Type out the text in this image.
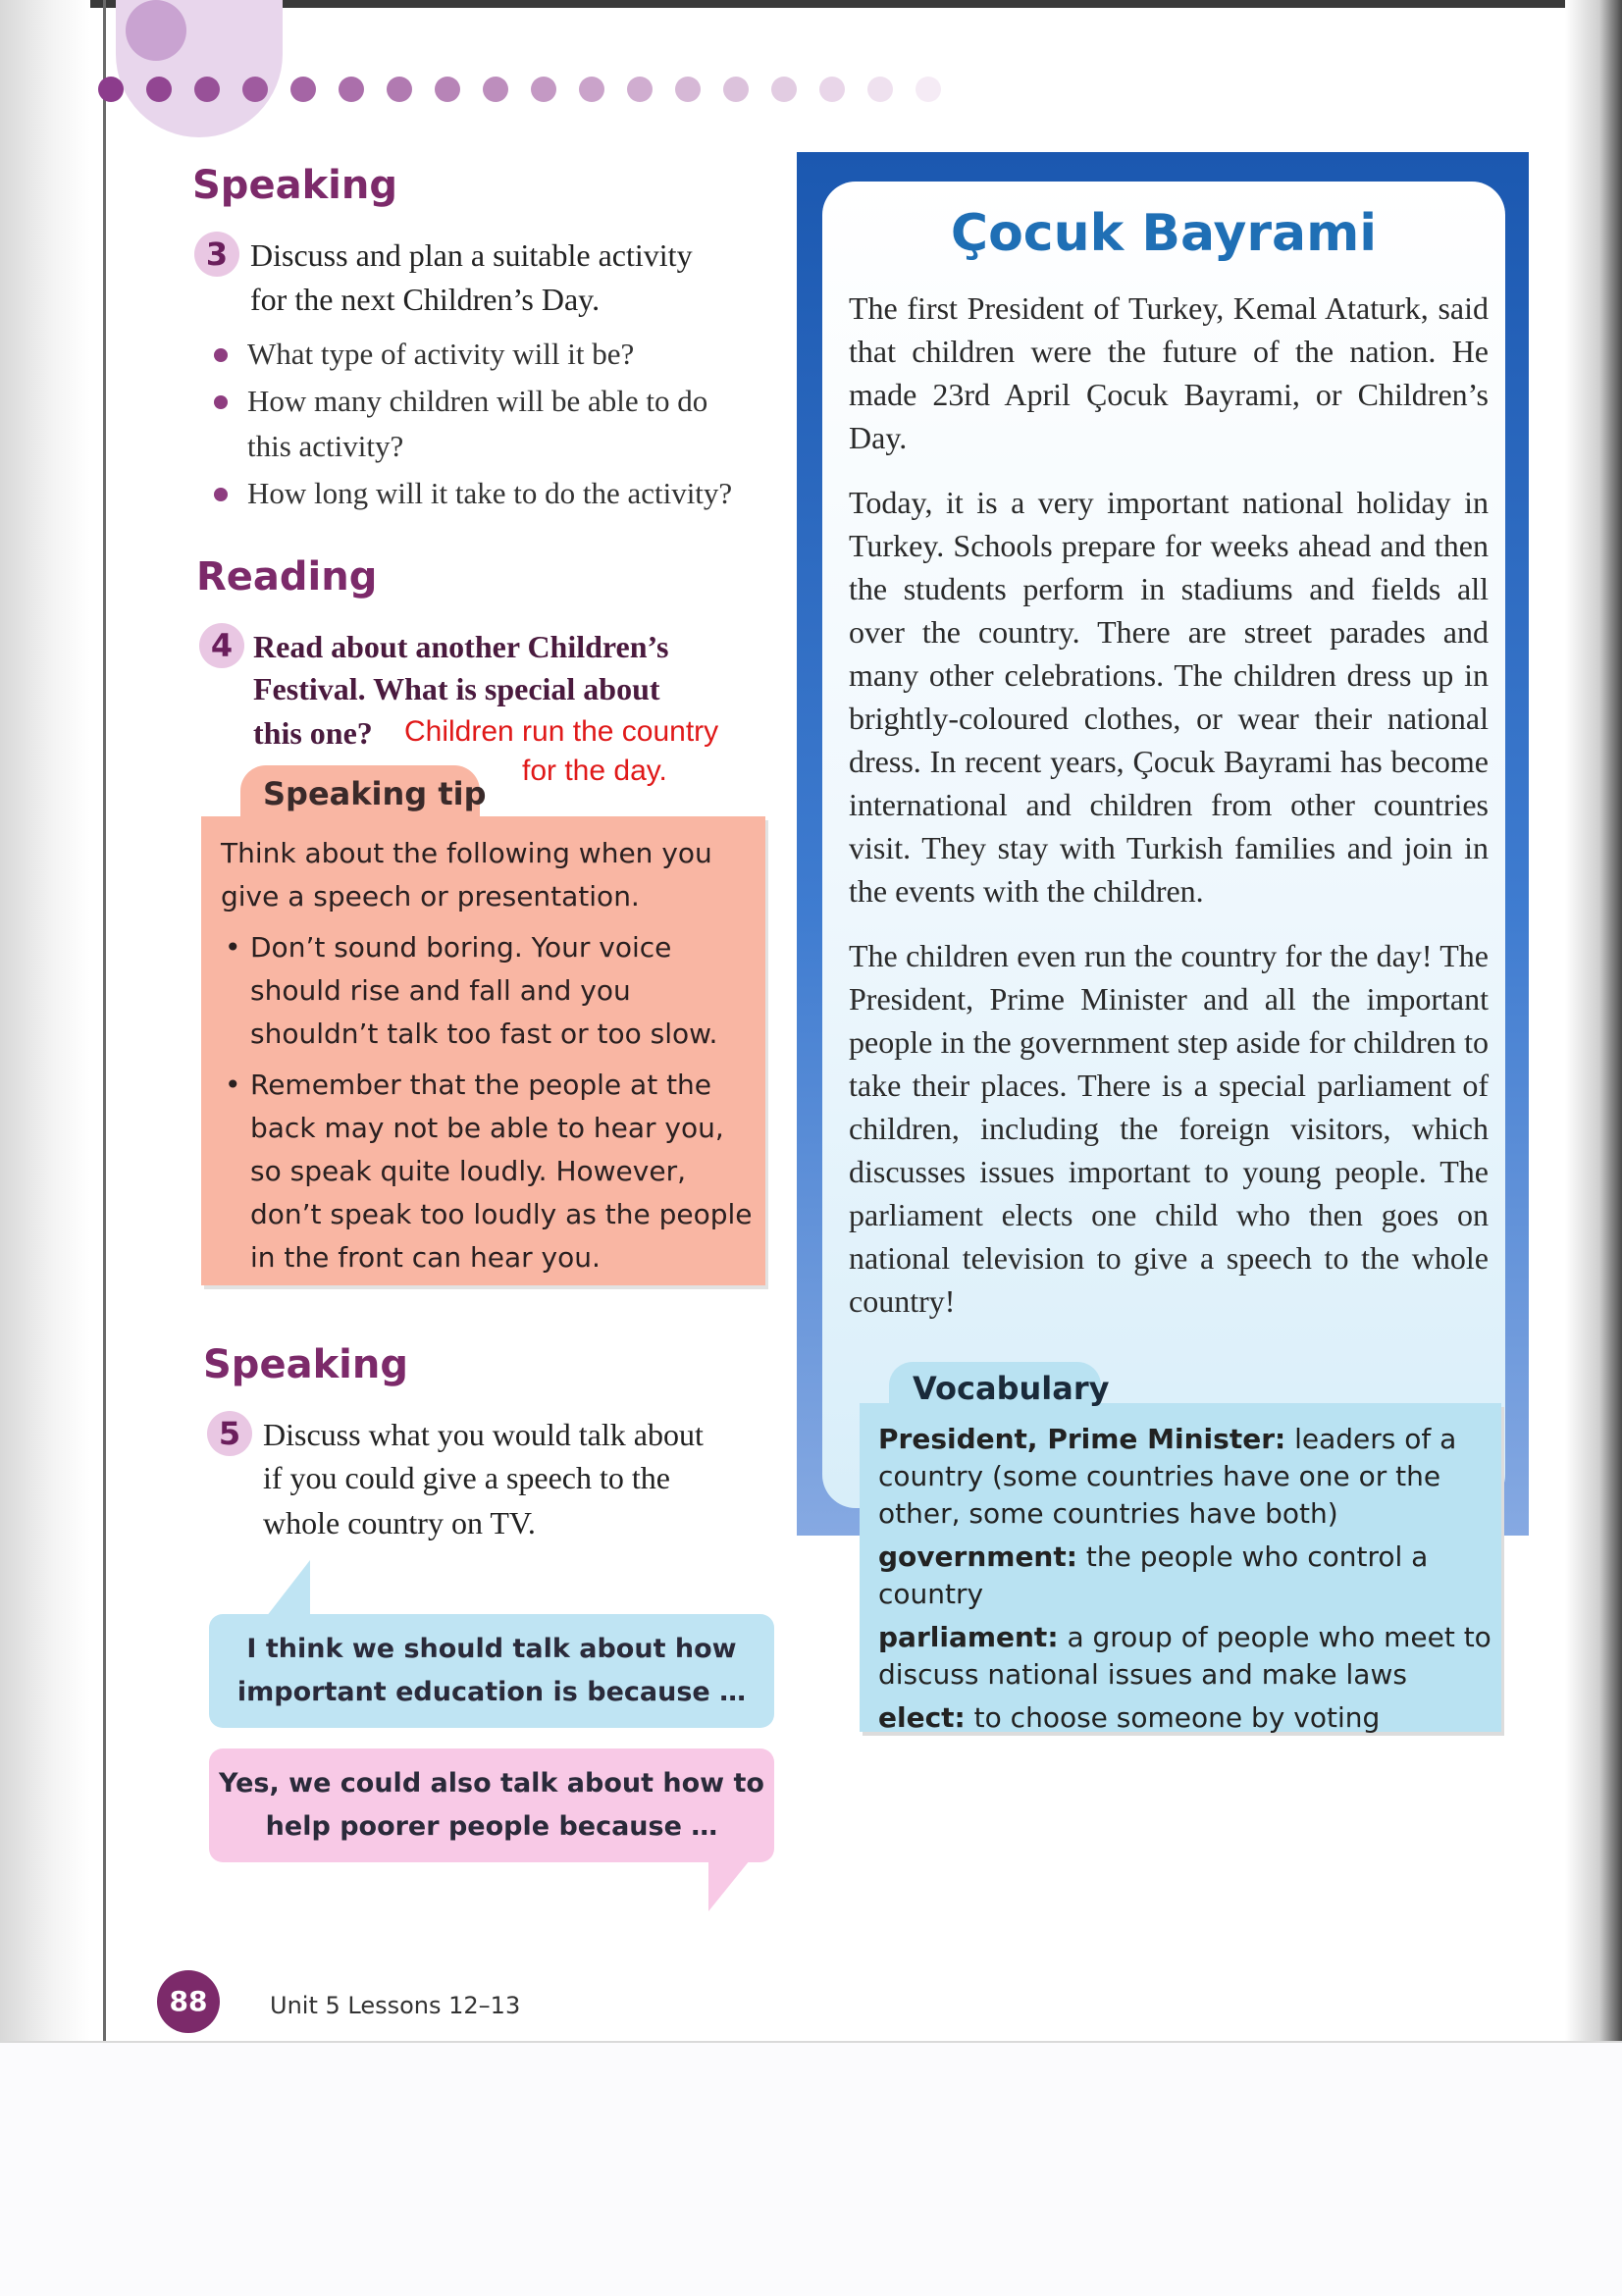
Speaking
3 Discuss and plan a suitable activity
for the next Children’s Day.
What type of activity will it be?
How many children will be able to do
this activity?
How long will it take to do the activity?
Reading
4 Read about another Children’s
Festival. What is special about
this one? Children run the country
for the day.
Speaking tip

Think about the following when you give a speech or presentation.

• Don’t sound boring. Your voice should rise and fall and you shouldn’t talk too fast or too slow.
• Remember that the people at the back may not be able to hear you, so speak quite loudly. However, don’t speak too loudly as the people in the front can hear you.
Speaking
5 Discuss what you would talk about
if you could give a speech to the
whole country on TV.
I think we should talk about how important education is because …
Yes, we could also talk about how to help poorer people because …
88	Unit 5 Lessons 12–13
Çocuk Bayrami

The first President of Turkey, Kemal Ataturk, said that children were the future of the nation. He made 23rd April Çocuk Bayrami, or Children’s Day.

Today, it is a very important national holiday in Turkey. Schools prepare for weeks ahead and then the students perform in stadiums and fields all over the country. There are street parades and many other celebrations. The children dress up in brightly-coloured clothes, or wear their national dress. In recent years, Çocuk Bayrami has become international and children from other countries visit. They stay with Turkish families and join in the events with the children.

The children even run the country for the day! The President, Prime Minister and all the important people in the government step aside for children to take their places. There is a special parliament of children, including the foreign visitors, which discusses issues important to young people. The parliament elects one child who then goes on national television to give a speech to the whole country!

Vocabulary

President, Prime Minister: leaders of a country (some countries have one or the other, some countries have both)

government: the people who control a country

parliament: a group of people who meet to discuss national issues and make laws

elect: to choose someone by voting
